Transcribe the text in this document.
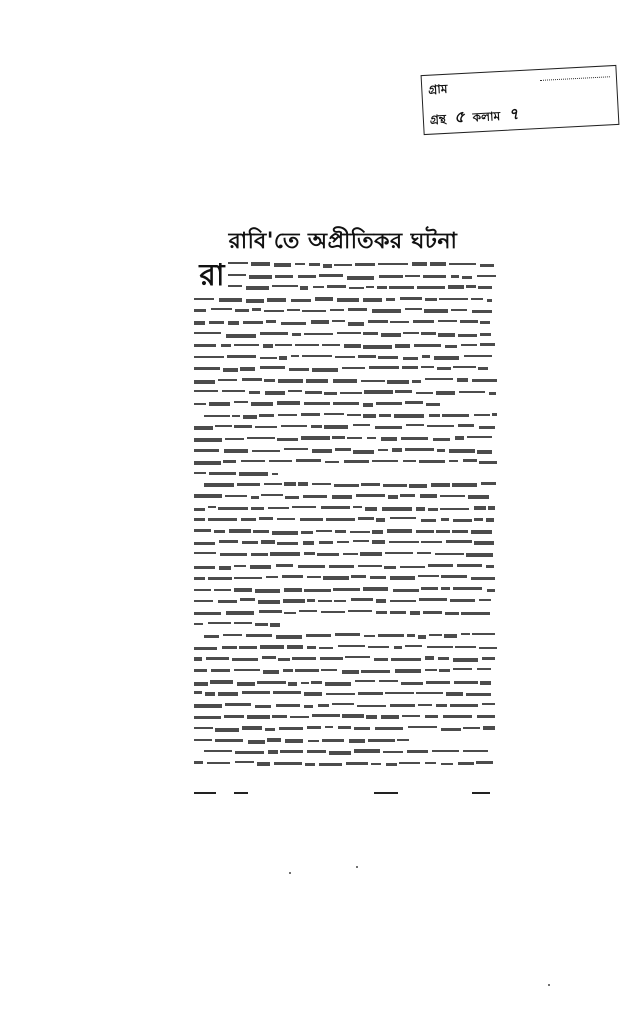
গ্রাম
গ্রন্থ ৫ কলাম ৭
রাবি'তে অপ্রীতিকর ঘটনা
রা
